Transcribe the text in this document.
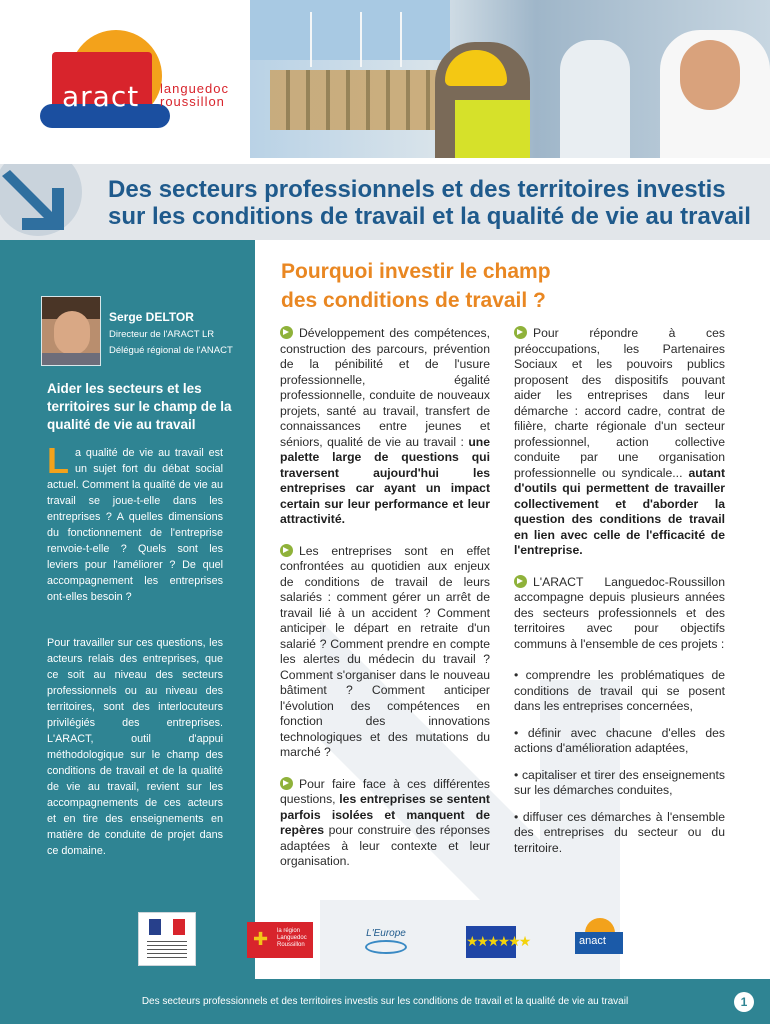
aract languedoc
roussillon
Des secteurs professionnels et des territoires investis
sur les conditions de travail et la qualité de vie au travail
Serge DELTOR
Directeur de l'ARACT LR
Délégué régional de l'ANACT
Aider les secteurs et les territoires sur le champ de la qualité de vie au travail

La qualité de vie au travail est un sujet fort du débat social actuel. Comment la qualité de vie au travail se joue-t-elle dans les entreprises ? A quelles dimensions du fonctionnement de l'entreprise renvoie-t-elle ? Quels sont les leviers pour l'améliorer ? De quel accompagnement les entreprises ont-elles besoin ?

Pour travailler sur ces questions, les acteurs relais des entreprises, que ce soit au niveau des secteurs professionnels ou au niveau des territoires, sont des interlocuteurs privilégiés des entreprises. L'ARACT, outil d'appui méthodologique sur le champ des conditions de travail et de la qualité de vie au travail, revient sur les accompagnements de ces acteurs et en tire des enseignements en matière de conduite de projet dans ce domaine.

Pourquoi investir le champ
des conditions de travail ?

Développement des compétences, construction des parcours, prévention de la pénibilité et de l'usure professionnelle, égalité professionnelle, conduite de nouveaux projets, santé au travail, transfert de connaissances entre jeunes et séniors, qualité de vie au travail : une palette large de questions qui traversent aujourd'hui les entreprises car ayant un impact certain sur leur performance et leur attractivité.

Les entreprises sont en effet confrontées au quotidien aux enjeux de conditions de travail de leurs salariés : comment gérer un arrêt de travail lié à un accident ? Comment anticiper le départ en retraite d'un salarié ? Comment prendre en compte les alertes du médecin du travail ? Comment s'organiser dans le nouveau bâtiment ? Comment anticiper l'évolution des compétences en fonction des innovations technologiques et des mutations du marché ?

Pour faire face à ces différentes questions, les entreprises se sentent parfois isolées et manquent de repères pour construire des réponses adaptées à leur contexte et leur organisation.

Pour répondre à ces préoccupations, les Partenaires Sociaux et les pouvoirs publics proposent des dispositifs pouvant aider les entreprises dans leur démarche : accord cadre, contrat de filière, charte régionale d'un secteur professionnel, action collective conduite par une organisation professionnelle ou syndicale... autant d'outils qui permettent de travailler collectivement et d'aborder la question des conditions de travail en lien avec celle de l'efficacité de l'entreprise.

L'ARACT Languedoc-Roussillon accompagne depuis plusieurs années des secteurs professionnels et des territoires avec pour objectifs communs à l'ensemble de ces projets :

• comprendre les problématiques de conditions de travail qui se posent dans les entreprises concernées,

• définir avec chacune d'elles des actions d'amélioration adaptées,

• capitaliser et tirer des enseignements sur les démarches conduites,

• diffuser ces démarches à l'ensemble des entreprises du secteur ou du territoire.

✚ la région
Languedoc
Roussillon
L'Europe	★★★★★★	anact
Des secteurs professionnels et des territoires investis sur les conditions de travail et la qualité de vie au travail	1
